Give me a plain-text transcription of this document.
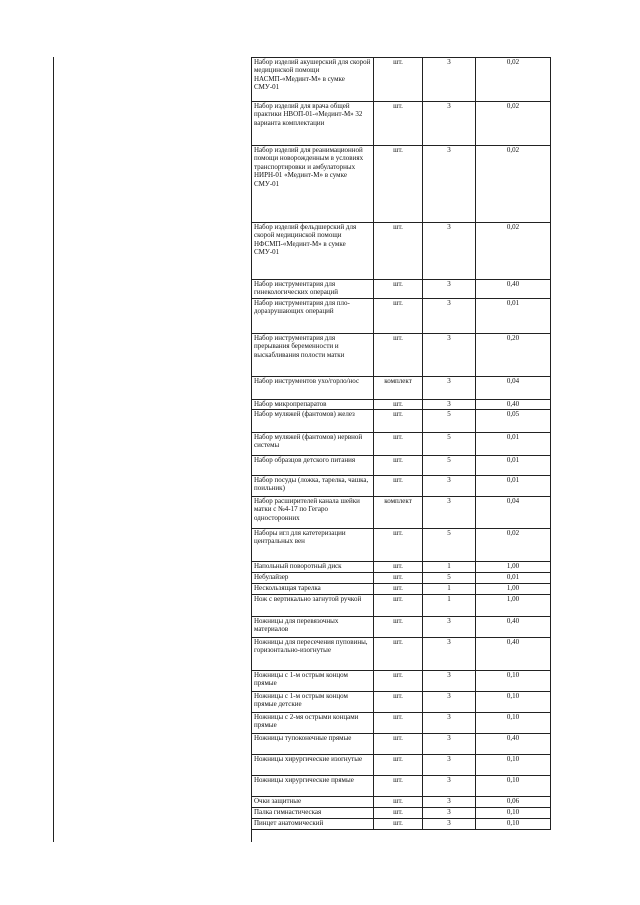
Набор изделий акушерский для скорой медицинской помощи НАСМП-«Мединт-М» в сумке СМУ-01	шт.	3	0,02
Набор изделий для врача общей практики НВОП-01-«Мединт-М» 32 варианта комплектации	шт.	3	0,02
Набор изделий для реанимационной помощи новорожденным в условиях транспортировки и амбулаторных НИРН-01 «Мединт-М» в сумке СМУ-01	шт.	3	0,02
Набор изделий фельдшерский для скорой медицинской помощи НФСМП-«Мединт-М» в сумке СМУ-01	шт.	3	0,02
Набор инструментария для гинекологических операций	шт.	3	0,40
Набор инструментария для пло-доразрушающих операций	шт.	3	0,01
Набор инструментария для прерывания беременности и выскабливания полости матки	шт.	3	0,20
Набор инструментов ухо/горло/нос	комплект	3	0,04
Набор микропрепаратов	шт.	3	0,40
Набор муляжей (фантомов) желез	шт.	5	0,05
Набор муляжей (фантомов) нервной системы	шт.	5	0,01
Набор образцов детского питания	шт.	5	0,01
Набор посуды (ложка, тарелка, чашка, поильник)	шт.	3	0,01
Набор расширителей канала шейки матки с №4-17 по Гегаро односторонних	комплект	3	0,04
Наборы игл для катетеризации центральных вен	шт.	5	0,02
Напольный поворотный диск	шт.	1	1,00
Небулайзер	шт.	5	0,01
Нескользящая тарелка	шт.	1	1,00
Нож с вертикально загнутой ручкой	шт.	1	1,00
Ножницы для перевязочных материалов	шт.	3	0,40
Ножницы для пересечения пуповины, горизонтально-изогнутые	шт.	3	0,40
Ножницы с 1-м острым концом прямые	шт.	3	0,10
Ножницы с 1-м острым концом прямые детские	шт.	3	0,10
Ножницы с 2-мя острыми концами прямые	шт.	3	0,10
Ножницы тупоконечные прямые	шт.	3	0,40
Ножницы хирургические изогнутые	шт.	3	0,10
Ножницы хирургические прямые	шт.	3	0,10
Очки защитные	шт.	3	0,06
Палка гимнастическая	шт.	3	0,10
Пинцет анатомический	шт.	3	0,10
